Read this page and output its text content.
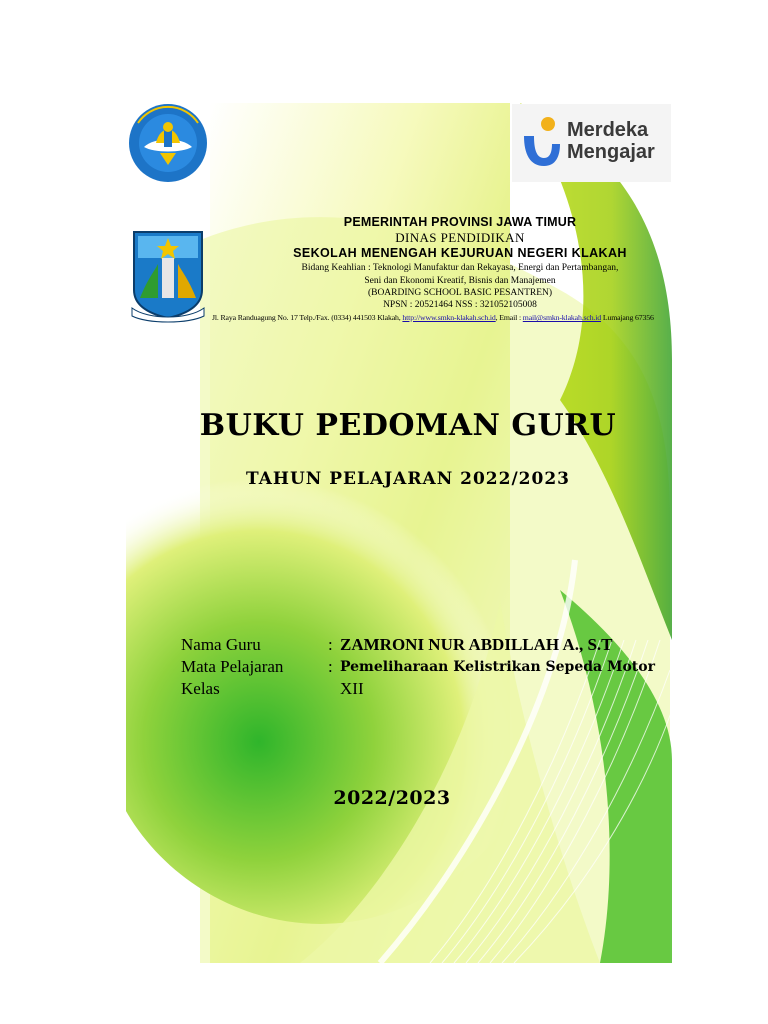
Merdeka
Mengajar
PEMERINTAH PROVINSI JAWA TIMUR
DINAS PENDIDIKAN
SEKOLAH MENENGAH KEJURUAN NEGERI KLAKAH
Bidang Keahlian : Teknologi Manufaktur dan Rekayasa, Energi dan Pertambangan,
Seni dan Ekonomi Kreatif, Bisnis dan Manajemen
(BOARDING SCHOOL BASIC PESANTREN)
NPSN : 20521464 NSS : 321052105008
Jl. Raya Randuagung No. 17 Telp./Fax. (0334) 441503 Klakah, http://www.smkn-klakah.sch.id, Email : mail@smkn-klakah.sch.id Lumajang 67356
BUKU PEDOMAN GURU
TAHUN PELAJARAN 2022/2023
Nama Guru	: ZAMRONI NUR ABDILLAH A., S.T
Mata Pelajaran	: Pemeliharaan Kelistrikan Sepeda Motor
Kelas	XII
2022/2023
